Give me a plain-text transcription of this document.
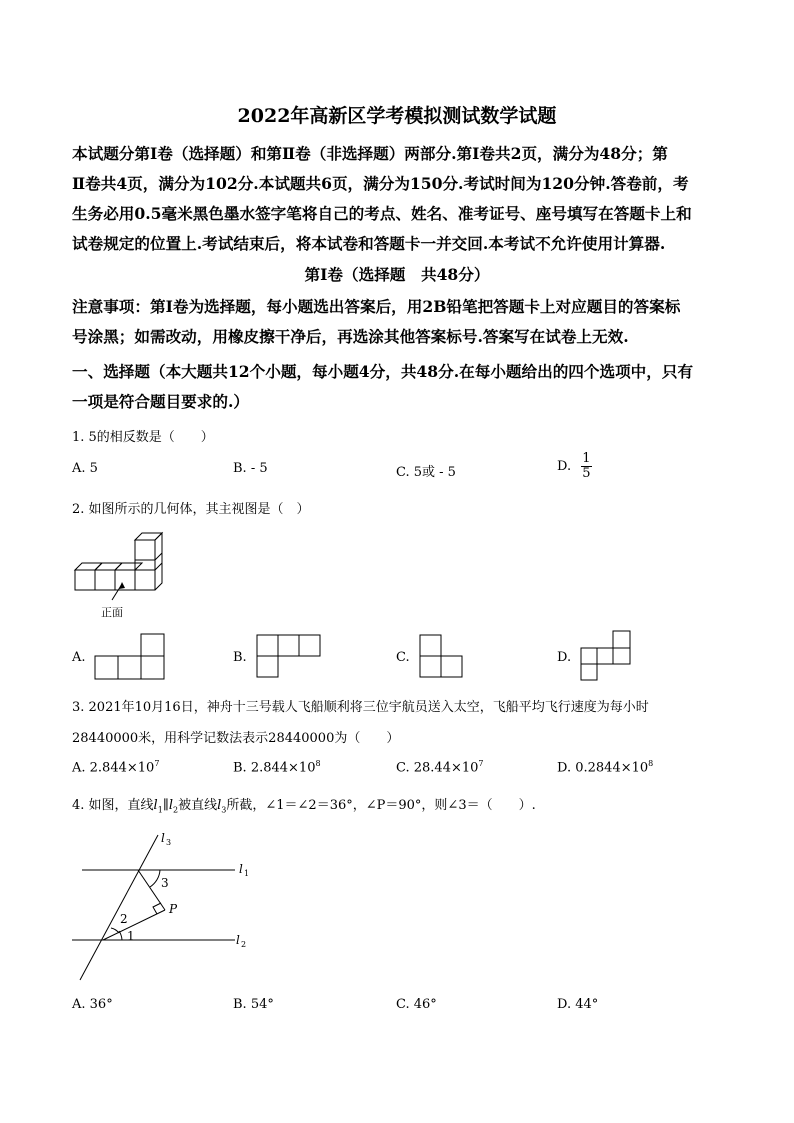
2022年高新区学考模拟测试数学试题
本试题分第Ⅰ卷（选择题）和第Ⅱ卷（非选择题）两部分.第Ⅰ卷共2页，满分为48分；第
Ⅱ卷共4页，满分为102分.本试题共6页，满分为150分.考试时间为120分钟.答卷前，考
生务必用0.5毫米黑色墨水签字笔将自己的考点、姓名、准考证号、座号填写在答题卡上和
试卷规定的位置上.考试结束后，将本试卷和答题卡一并交回.本考试不允许使用计算器.
第Ⅰ卷（选择题　共48分）
注意事项：第Ⅰ卷为选择题，每小题选出答案后，用2B铅笔把答题卡上对应题目的答案标
号涂黑；如需改动，用橡皮擦干净后，再选涂其他答案标号.答案写在试卷上无效.
一、选择题（本大题共12个小题，每小题4分，共48分.在每小题给出的四个选项中，只有
一项是符合题目要求的.）
1. 5的相反数是（　　）
A. 5	B. - 5	C. 5或 - 5	D. $\frac{1}{5}$
2. 如图所示的几何体，其主视图是（　）
正面
A.	B.	C.	D.
3. 2021年10月16日，神舟十三号载人飞船顺利将三位宇航员送入太空，飞船平均飞行速度为每小时
28440000米，用科学记数法表示28440000为（　　）
A. $2.844\times 10^7$	B. $2.844\times 10^8$	C. $28.44\times 10^7$	D. $0.2844\times 10^8$
4. 如图，直线$l_1\parallel l_2$被直线$l_3$所截，∠1＝∠2＝36°，∠P＝90°，则∠3＝（　　）.
l 3
l 1
l 2
P
1
2
3
A. 36°	B. 54°	C. 46°	D. 44°
